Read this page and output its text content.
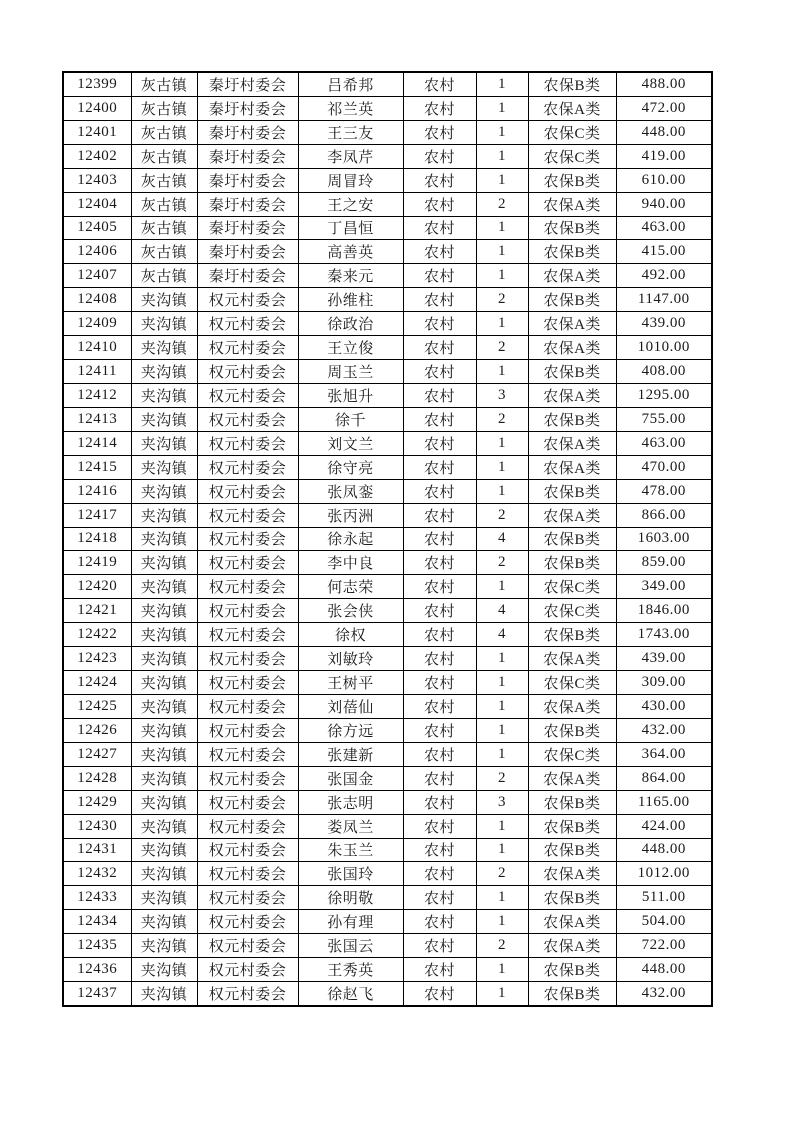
12399	灰古镇	秦圩村委会	吕希邦	农村	1	农保B类	488.00
12400	灰古镇	秦圩村委会	祁兰英	农村	1	农保A类	472.00
12401	灰古镇	秦圩村委会	王三友	农村	1	农保C类	448.00
12402	灰古镇	秦圩村委会	李凤芹	农村	1	农保C类	419.00
12403	灰古镇	秦圩村委会	周冒玲	农村	1	农保B类	610.00
12404	灰古镇	秦圩村委会	王之安	农村	2	农保A类	940.00
12405	灰古镇	秦圩村委会	丁昌恒	农村	1	农保B类	463.00
12406	灰古镇	秦圩村委会	高善英	农村	1	农保B类	415.00
12407	灰古镇	秦圩村委会	秦来元	农村	1	农保A类	492.00
12408	夹沟镇	权元村委会	孙维柱	农村	2	农保B类	1147.00
12409	夹沟镇	权元村委会	徐政治	农村	1	农保A类	439.00
12410	夹沟镇	权元村委会	王立俊	农村	2	农保A类	1010.00
12411	夹沟镇	权元村委会	周玉兰	农村	1	农保B类	408.00
12412	夹沟镇	权元村委会	张旭升	农村	3	农保A类	1295.00
12413	夹沟镇	权元村委会	徐千	农村	2	农保B类	755.00
12414	夹沟镇	权元村委会	刘文兰	农村	1	农保A类	463.00
12415	夹沟镇	权元村委会	徐守亮	农村	1	农保A类	470.00
12416	夹沟镇	权元村委会	张凤銮	农村	1	农保B类	478.00
12417	夹沟镇	权元村委会	张丙洲	农村	2	农保A类	866.00
12418	夹沟镇	权元村委会	徐永起	农村	4	农保B类	1603.00
12419	夹沟镇	权元村委会	李中良	农村	2	农保B类	859.00
12420	夹沟镇	权元村委会	何志荣	农村	1	农保C类	349.00
12421	夹沟镇	权元村委会	张会侠	农村	4	农保C类	1846.00
12422	夹沟镇	权元村委会	徐权	农村	4	农保B类	1743.00
12423	夹沟镇	权元村委会	刘敏玲	农村	1	农保A类	439.00
12424	夹沟镇	权元村委会	王树平	农村	1	农保C类	309.00
12425	夹沟镇	权元村委会	刘蓓仙	农村	1	农保A类	430.00
12426	夹沟镇	权元村委会	徐方远	农村	1	农保B类	432.00
12427	夹沟镇	权元村委会	张建新	农村	1	农保C类	364.00
12428	夹沟镇	权元村委会	张国金	农村	2	农保A类	864.00
12429	夹沟镇	权元村委会	张志明	农村	3	农保B类	1165.00
12430	夹沟镇	权元村委会	娄凤兰	农村	1	农保B类	424.00
12431	夹沟镇	权元村委会	朱玉兰	农村	1	农保B类	448.00
12432	夹沟镇	权元村委会	张国玲	农村	2	农保A类	1012.00
12433	夹沟镇	权元村委会	徐明敬	农村	1	农保B类	511.00
12434	夹沟镇	权元村委会	孙有理	农村	1	农保A类	504.00
12435	夹沟镇	权元村委会	张国云	农村	2	农保A类	722.00
12436	夹沟镇	权元村委会	王秀英	农村	1	农保B类	448.00
12437	夹沟镇	权元村委会	徐赵飞	农村	1	农保B类	432.00
